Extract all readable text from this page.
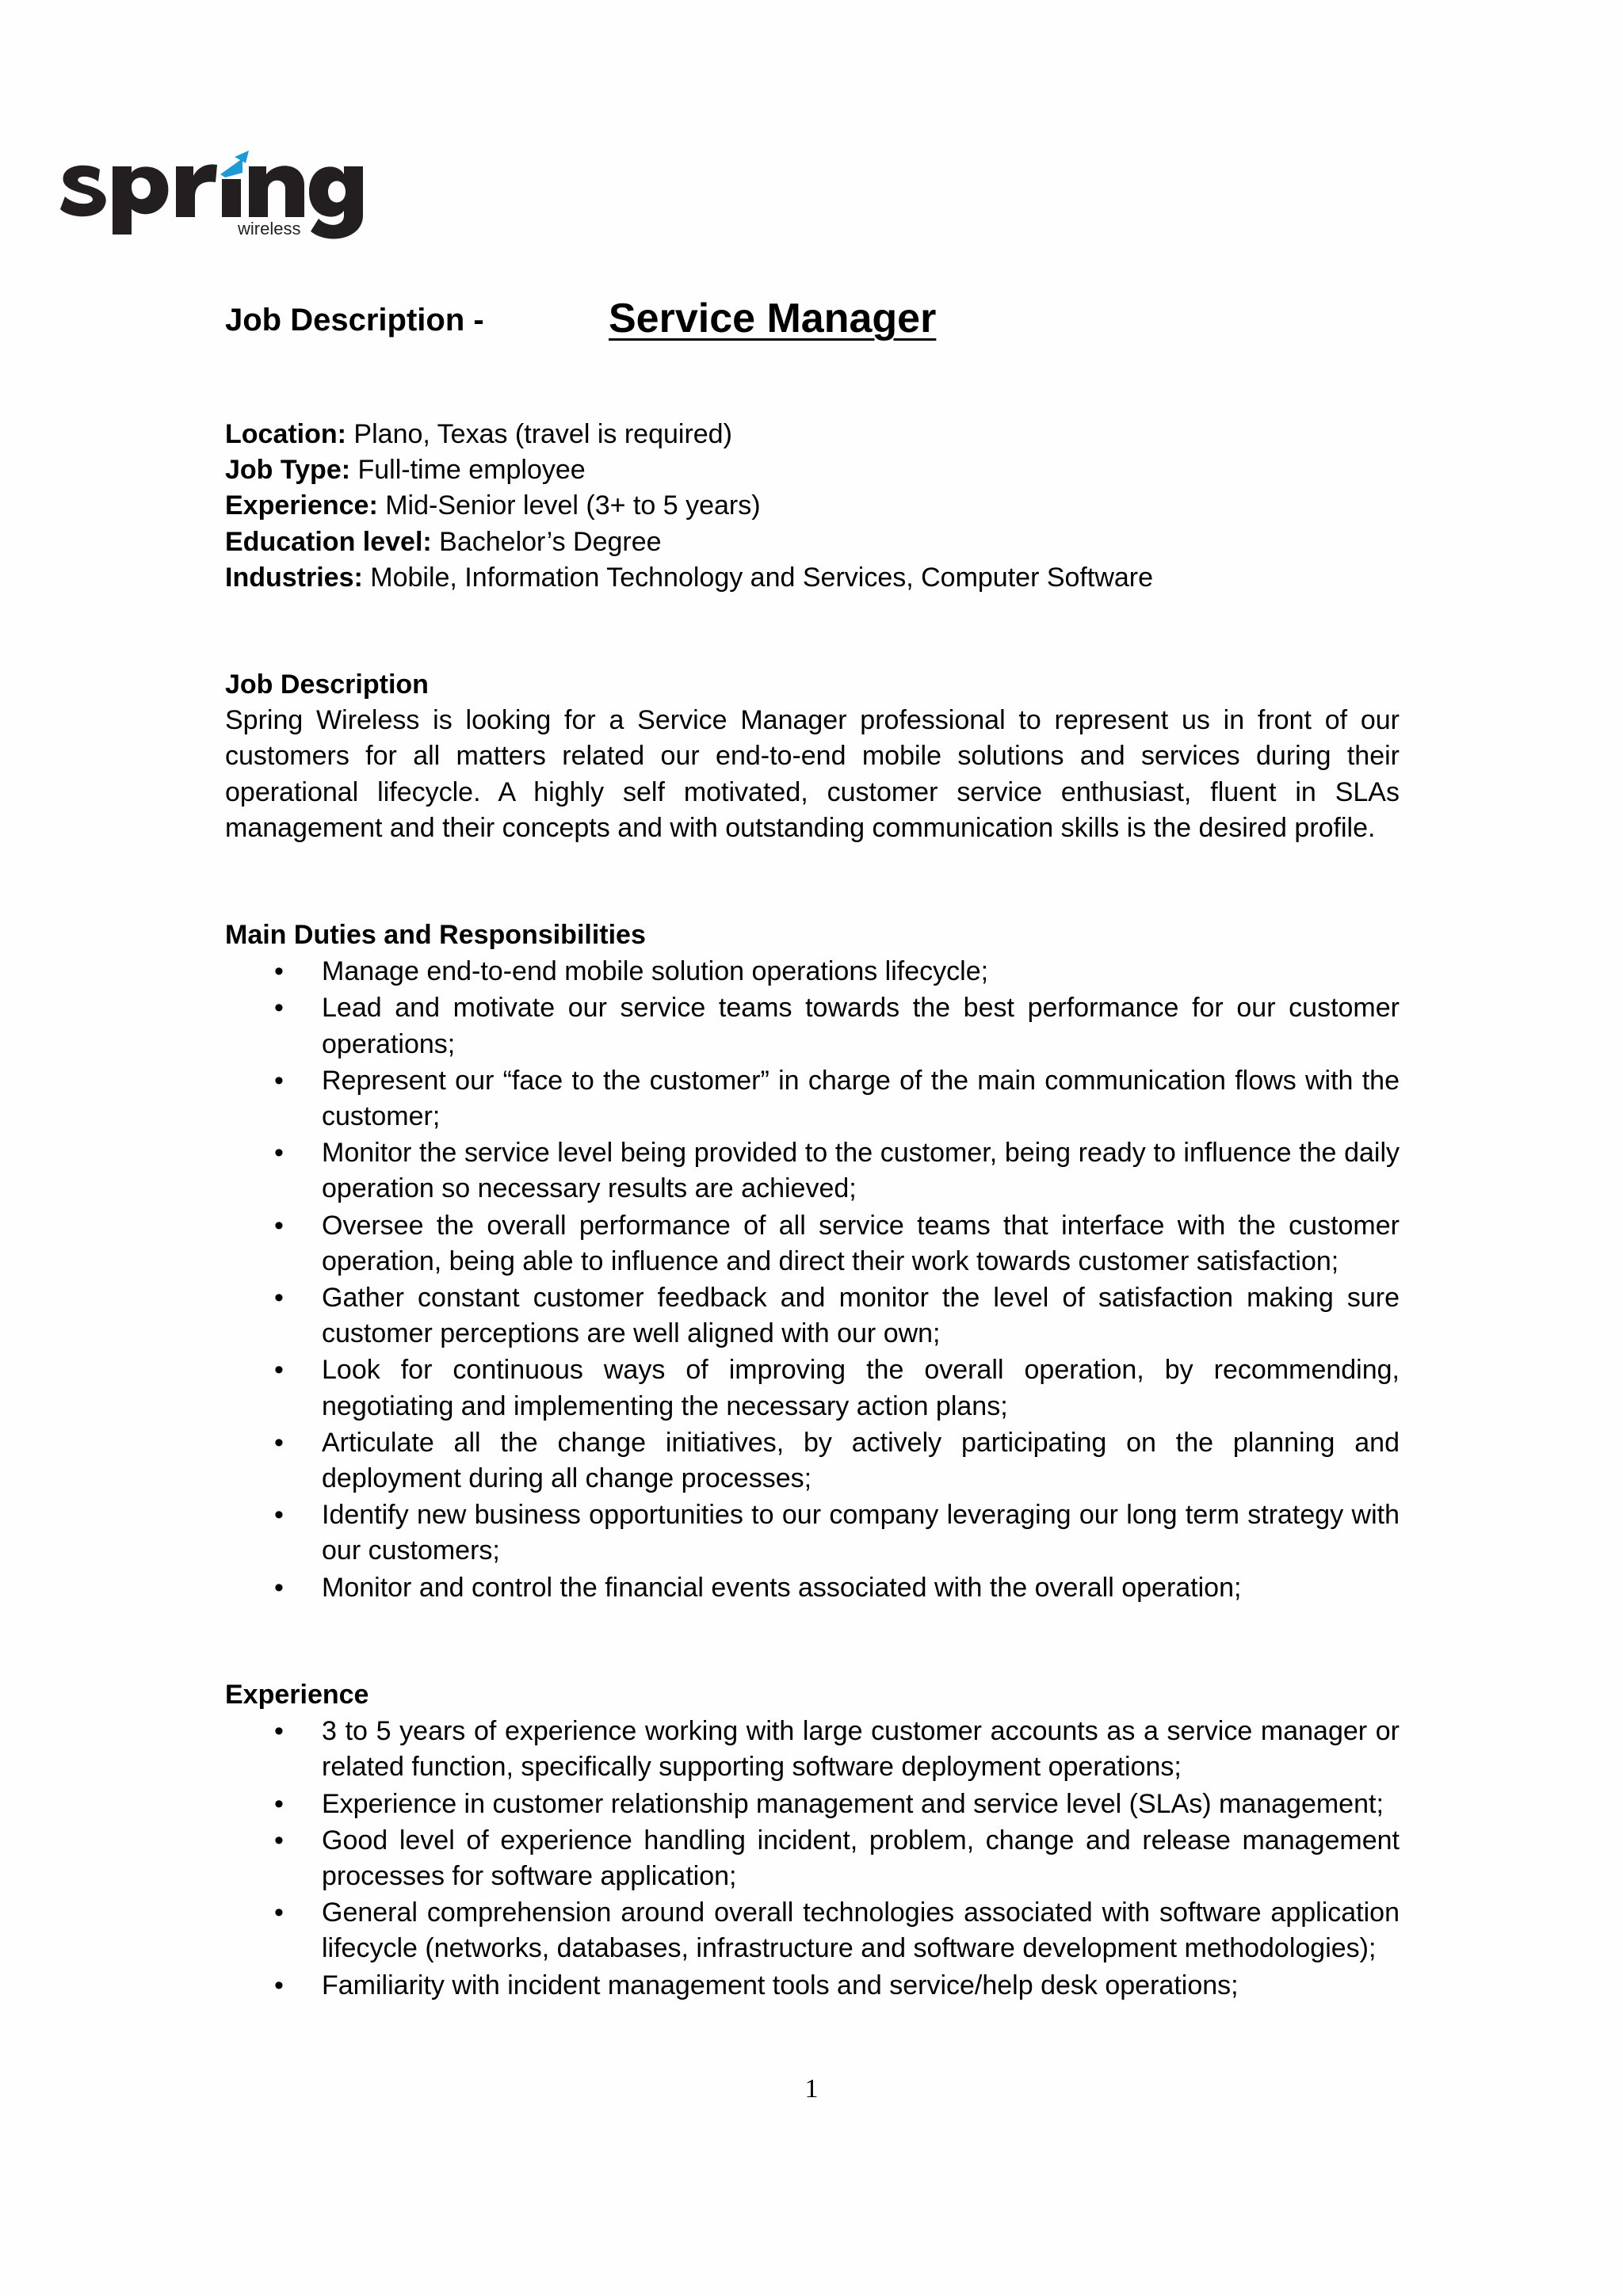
wireless
Job Description -	Service Manager
Location: Plano, Texas (travel is required)
Job Type: Full-time employee
Experience: Mid-Senior level (3+ to 5 years)
Education level: Bachelor’s Degree
Industries: Mobile, Information Technology and Services, Computer Software
Job Description

Spring Wireless is looking for a Service Manager professional to represent us in front of our customers for all matters related our end-to-end mobile solutions and services during their operational lifecycle. A highly self motivated, customer service enthusiast, fluent in SLAs management and their concepts and with outstanding communication skills is the desired profile.

Main Duties and Responsibilities
• Manage end-to-end mobile solution operations lifecycle;
• Lead and motivate our service teams towards the best performance for our customer operations;
• Represent our “face to the customer” in charge of the main communication flows with the customer;
• Monitor the service level being provided to the customer, being ready to influence the daily operation so necessary results are achieved;
• Oversee the overall performance of all service teams that interface with the customer operation, being able to influence and direct their work towards customer satisfaction;
• Gather constant customer feedback and monitor the level of satisfaction making sure customer perceptions are well aligned with our own;
• Look for continuous ways of improving the overall operation, by recommending, negotiating and implementing the necessary action plans;
• Articulate all the change initiatives, by actively participating on the planning and deployment during all change processes;
• Identify new business opportunities to our company leveraging our long term strategy with our customers;
• Monitor and control the financial events associated with the overall operation;
Experience
• 3 to 5 years of experience working with large customer accounts as a service manager or related function, specifically supporting software deployment operations;
• Experience in customer relationship management and service level (SLAs) management;
• Good level of experience handling incident, problem, change and release management processes for software application;
• General comprehension around overall technologies associated with software application lifecycle (networks, databases, infrastructure and software development methodologies);
• Familiarity with incident management tools and service/help desk operations;
1
